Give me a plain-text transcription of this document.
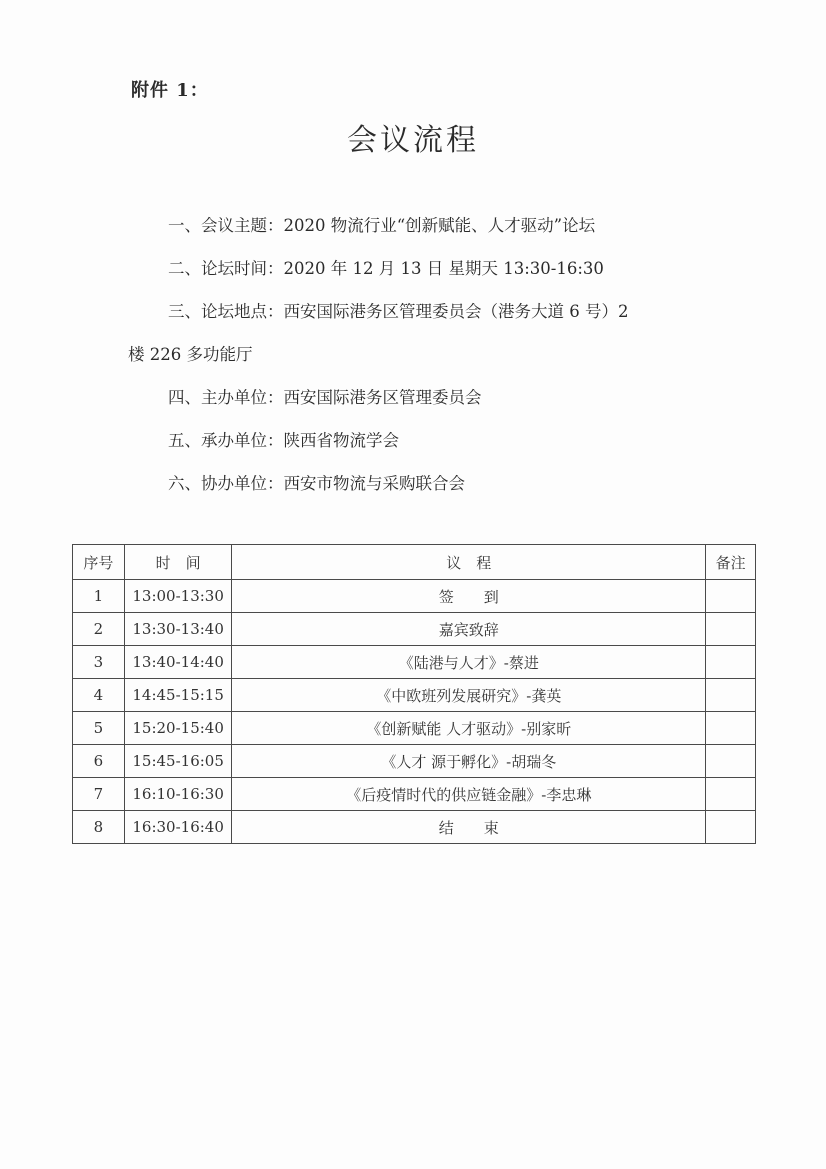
附件 1：
会议流程
一、会议主题：2020 物流行业“创新赋能、人才驱动”论坛
二、论坛时间：2020 年 12 月 13 日 星期天 13:30-16:30
三、论坛地点：西安国际港务区管理委员会（港务大道 6 号）2
楼 226 多功能厅
四、主办单位：西安国际港务区管理委员会
五、承办单位：陕西省物流学会
六、协办单位：西安市物流与采购联合会
序号	时　间	议　程	备注
1	13:00-13:30	签　　到	
2	13:30-13:40	嘉宾致辞	
3	13:40-14:40	《陆港与人才》-蔡进	
4	14:45-15:15	《中欧班列发展研究》-龚英	
5	15:20-15:40	《创新赋能 人才驱动》-别家昕	
6	15:45-16:05	《人才 源于孵化》-胡瑞冬	
7	16:10-16:30	《后疫情时代的供应链金融》-李忠琳	
8	16:30-16:40	结　　束	
